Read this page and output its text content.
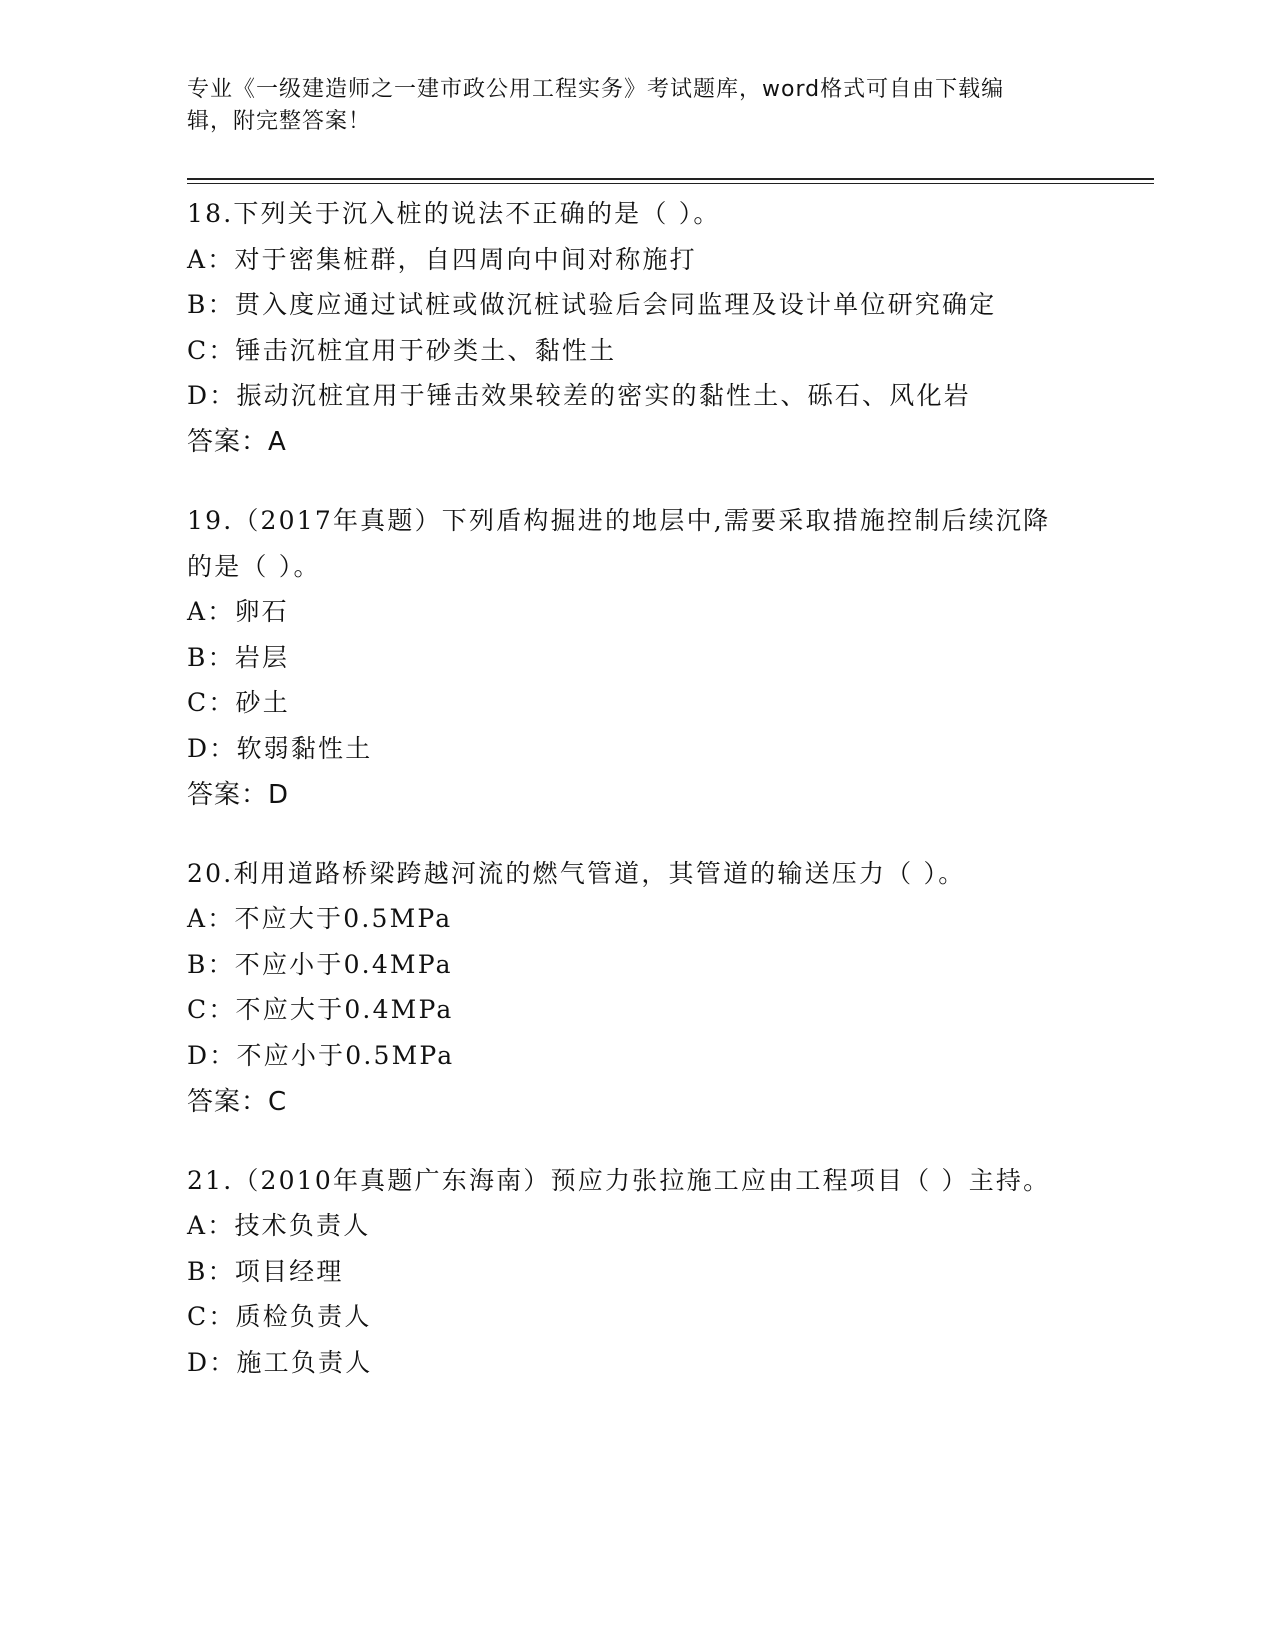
专业《一级建造师之一建市政公用工程实务》考试题库，word格式可自由下载编
辑，附完整答案！
18.下列关于沉入桩的说法不正确的是（ ）。
A：对于密集桩群，自四周向中间对称施打
B：贯入度应通过试桩或做沉桩试验后会同监理及设计单位研究确定
C：锤击沉桩宜用于砂类土、黏性土
D：振动沉桩宜用于锤击效果较差的密实的黏性土、砾石、风化岩
答案：A
19.（2017年真题）下列盾构掘进的地层中,需要采取措施控制后续沉降的是（ ）。
A：卵石
B：岩层
C：砂土
D：软弱黏性土
答案：D
20.利用道路桥梁跨越河流的燃气管道，其管道的输送压力（ ）。
A：不应大于0.5MPa
B：不应小于0.4MPa
C：不应大于0.4MPa
D：不应小于0.5MPa
答案：C
21.（2010年真题广东海南）预应力张拉施工应由工程项目（ ）主持。
A：技术负责人
B：项目经理
C：质检负责人
D：施工负责人
